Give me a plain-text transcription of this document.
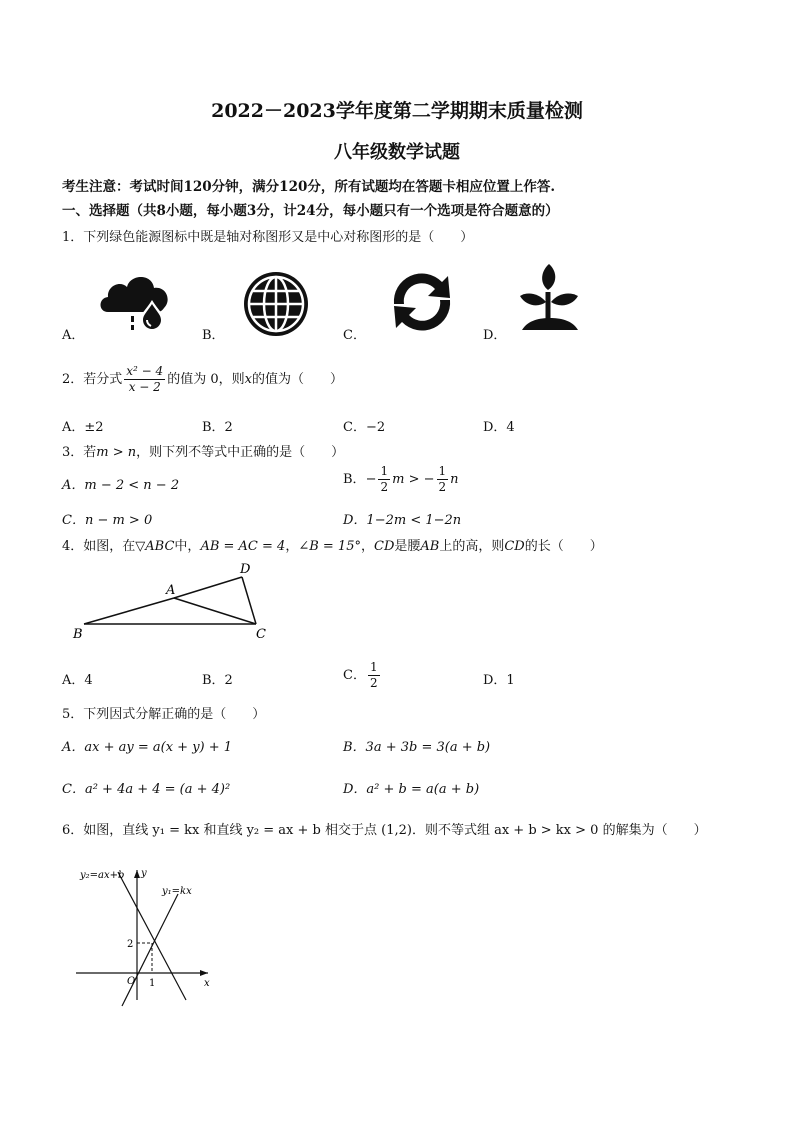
2022－2023学年度第二学期期末质量检测
八年级数学试题
考生注意：考试时间120分钟，满分120分，所有试题均在答题卡相应位置上作答.
一、选择题（共8小题，每小题3分，计24分，每小题只有一个选项是符合题意的）
1．下列绿色能源图标中既是轴对称图形又是中心对称图形的是（　　）
A．	B．	C．	D．
2．若分式 $\frac{\text{x² − 4}}{x - 2}$ 的值为 0，则x的值为（　　）
A．±2	B．2	C．−2	D．4
3．若m > n，则下列不等式中正确的是（　　）
A．m − 2 < n − 2	B．− $\frac{1}{2}$ m > − $\frac{1}{2}$ n
C．n − m > 0	D．1−2m < 1−2n
4．如图，在▽ABC中，AB = AC = 4，∠B = 15°，CD是腰AB上的高，则CD的长（　　）
A
B	C
D
A．4	B．2	C． $\frac{1}{2}$	D．1
5．下列因式分解正确的是（　　）
A．ax + ay = a(x + y) + 1	B．3a + 3b = 3(a + b)
C．a² + 4a + 4 = (a + 4)²	D．a² + b = a(a + b)
6．如图，直线 y₁ = kx 和直线 y₂ = ax + b 相交于点 (1,2)．则不等式组 ax + b > kx > 0 的解集为（　　）
y₂=ax+b
y₁=kx
y
x
O
2
1
